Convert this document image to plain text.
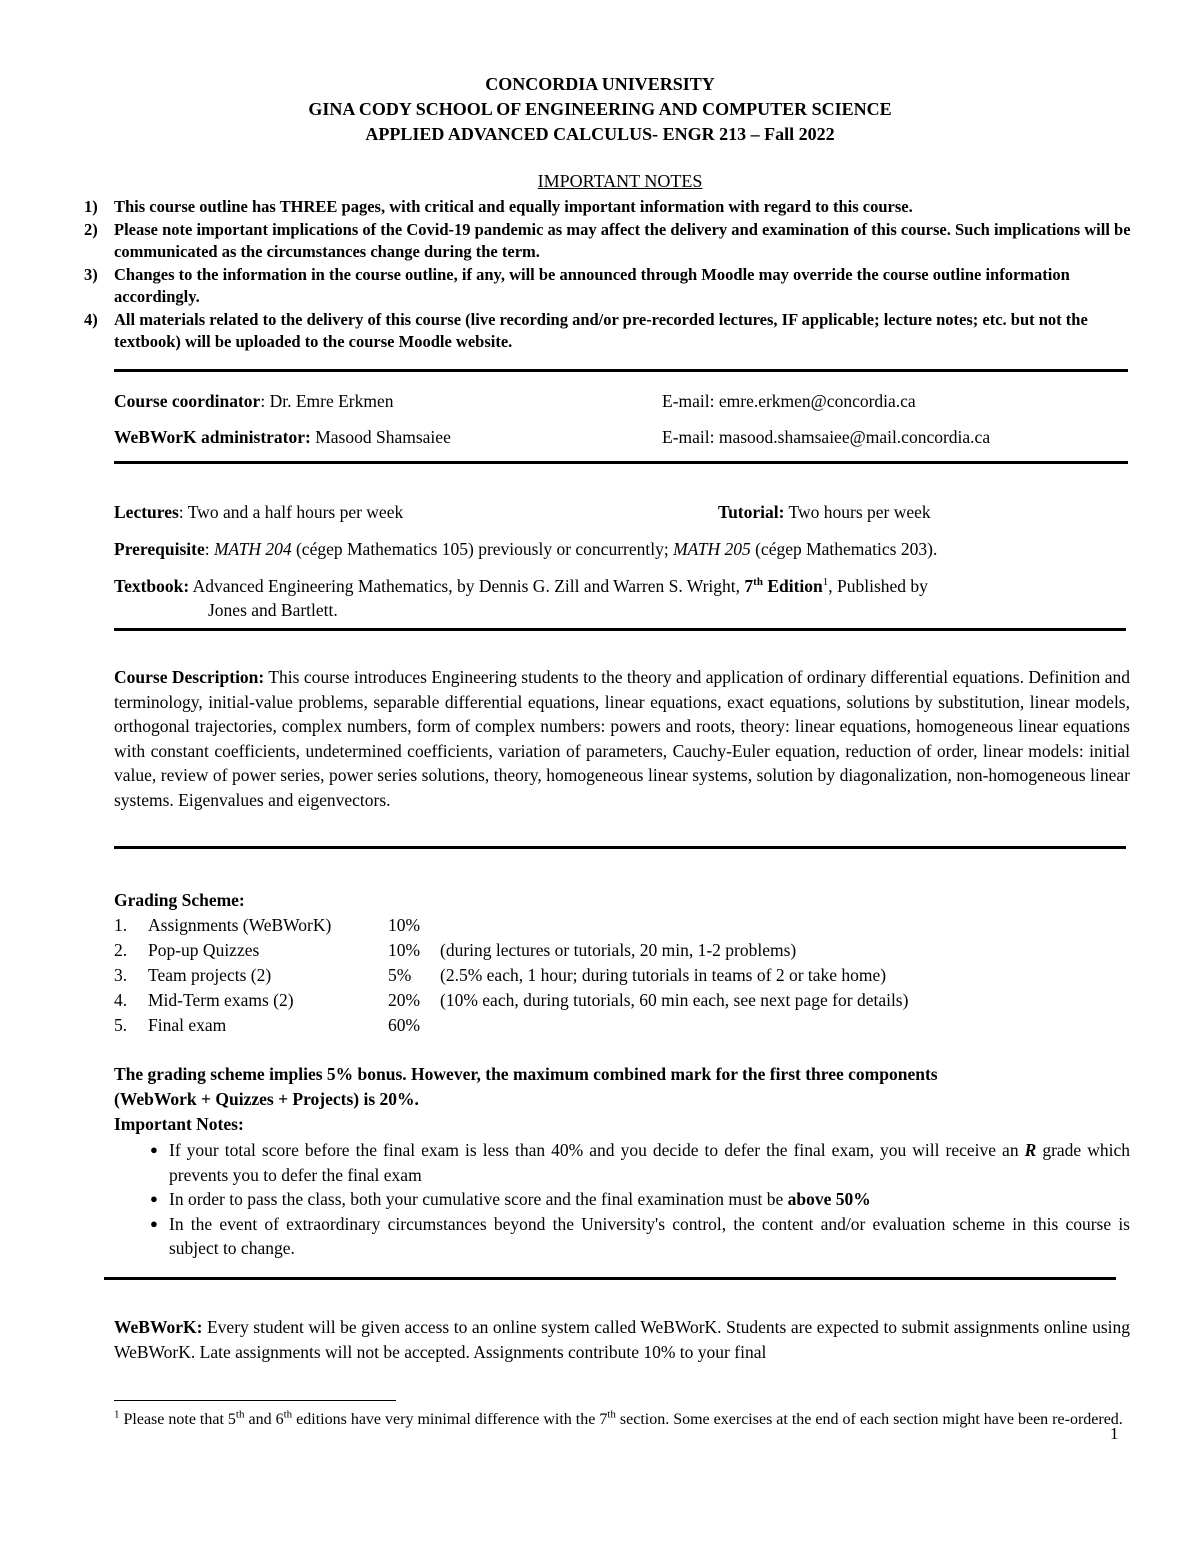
CONCORDIA UNIVERSITY
GINA CODY SCHOOL OF ENGINEERING AND COMPUTER SCIENCE
APPLIED ADVANCED CALCULUS- ENGR 213 – Fall 2022
IMPORTANT NOTES
1) This course outline has THREE pages, with critical and equally important information with regard to this course.
2) Please note important implications of the Covid-19 pandemic as may affect the delivery and examination of this course. Such implications will be communicated as the circumstances change during the term.
3) Changes to the information in the course outline, if any, will be announced through Moodle may override the course outline information accordingly.
4) All materials related to the delivery of this course (live recording and/or pre-recorded lectures, IF applicable; lecture notes; etc. but not the textbook) will be uploaded to the course Moodle website.
Course coordinator: Dr. Emre Erkmen	E-mail: emre.erkmen@concordia.ca
WeBWorK administrator: Masood Shamsaiee	E-mail: masood.shamsaiee@mail.concordia.ca
Lectures: Two and a half hours per week	Tutorial: Two hours per week
Prerequisite: MATH 204 (cégep Mathematics 105) previously or concurrently; MATH 205 (cégep Mathematics 203).
Textbook: Advanced Engineering Mathematics, by Dennis G. Zill and Warren S. Wright, 7th Edition$^1$, Published by
Jones and Bartlett.
Course Description: This course introduces Engineering students to the theory and application of ordinary differential equations. Definition and terminology, initial-value problems, separable differential equations, linear equations, exact equations, solutions by substitution, linear models, orthogonal trajectories, complex numbers, form of complex numbers: powers and roots, theory: linear equations, homogeneous linear equations with constant coefficients, undetermined coefficients, variation of parameters, Cauchy-Euler equation, reduction of order, linear models: initial value, review of power series, power series solutions, theory, homogeneous linear systems, solution by diagonalization, non-homogeneous linear systems. Eigenvalues and eigenvectors.
Grading Scheme:
1. Assignments (WeBWorK)	10%
2. Pop-up Quizzes	10% (during lectures or tutorials, 20 min, 1-2 problems)
3. Team projects (2)	5% (2.5% each, 1 hour; during tutorials in teams of 2 or take home)
4. Mid-Term exams (2)	20% (10% each, during tutorials, 60 min each, see next page for details)
5. Final exam	60%
The grading scheme implies 5% bonus. However, the maximum combined mark for the first three components
(WebWork + Quizzes + Projects) is 20%.
Important Notes:
● If your total score before the final exam is less than 40% and you decide to defer the final exam, you will receive an R grade which prevents you to defer the final exam
● In order to pass the class, both your cumulative score and the final examination must be above 50%
● In the event of extraordinary circumstances beyond the University's control, the content and/or evaluation scheme in this course is subject to change.
WeBWorK: Every student will be given access to an online system called WeBWorK. Students are expected to submit assignments online using WeBWorK. Late assignments will not be accepted. Assignments contribute 10% to your final
$^1$ Please note that 5th and 6th editions have very minimal difference with the 7th section. Some exercises at the end of each section might have been re-ordered.
1
